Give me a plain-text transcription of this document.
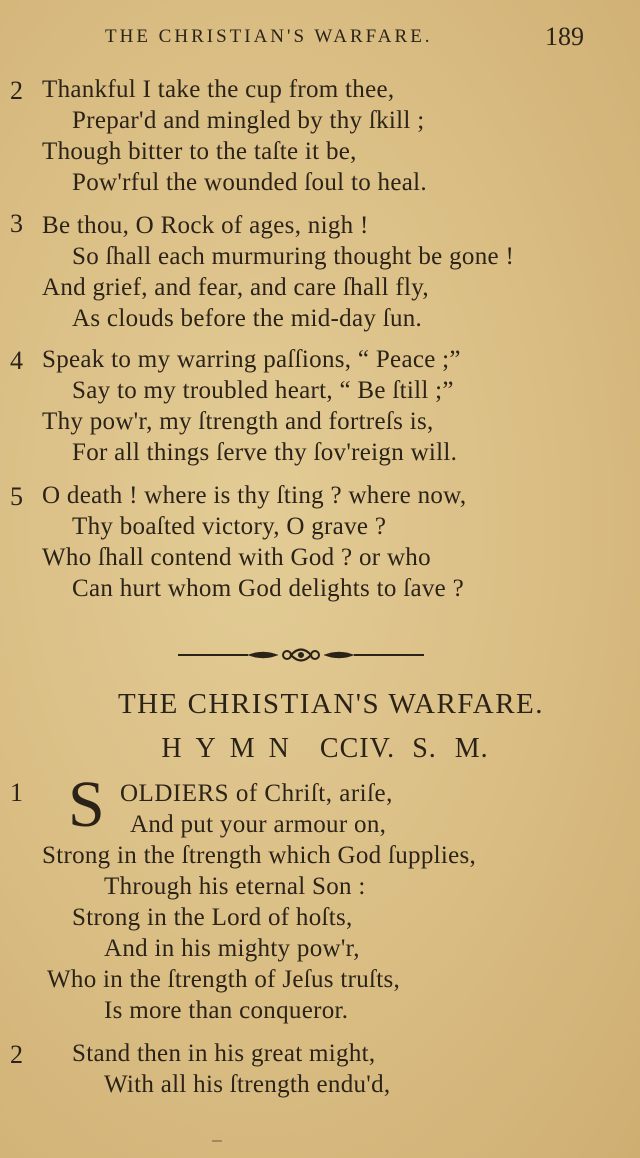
THE CHRISTIAN'S WARFARE.	189
2 Thankful I take the cup from thee,
Prepar'd and mingled by thy ſkill ;
Though bitter to the taſte it be,
Pow'rful the wounded ſoul to heal.
3 Be thou, O Rock of ages, nigh !
So ſhall each murmuring thought be gone !
And grief, and fear, and care ſhall fly,
As clouds before the mid-day ſun.
4 Speak to my warring paſſions, “ Peace ;”
Say to my troubled heart, “ Be ſtill ;”
Thy pow'r, my ſtrength and fortreſs is,
For all things ſerve thy ſov'reign will.
5 O death ! where is thy ſting ? where now,
Thy boaſted victory, O grave ?
Who ſhall contend with God ? or who
Can hurt whom God delights to ſave ?
THE CHRISTIAN'S WARFARE.
HYMN CCIV. S. M.
1 S OLDIERS of Chriſt, ariſe,
And put your armour on,
Strong in the ſtrength which God ſupplies,
Through his eternal Son :
Strong in the Lord of hoſts,
And in his mighty pow'r,
Who in the ſtrength of Jeſus truſts,
Is more than conqueror.
2 Stand then in his great might,
With all his ſtrength endu'd,
